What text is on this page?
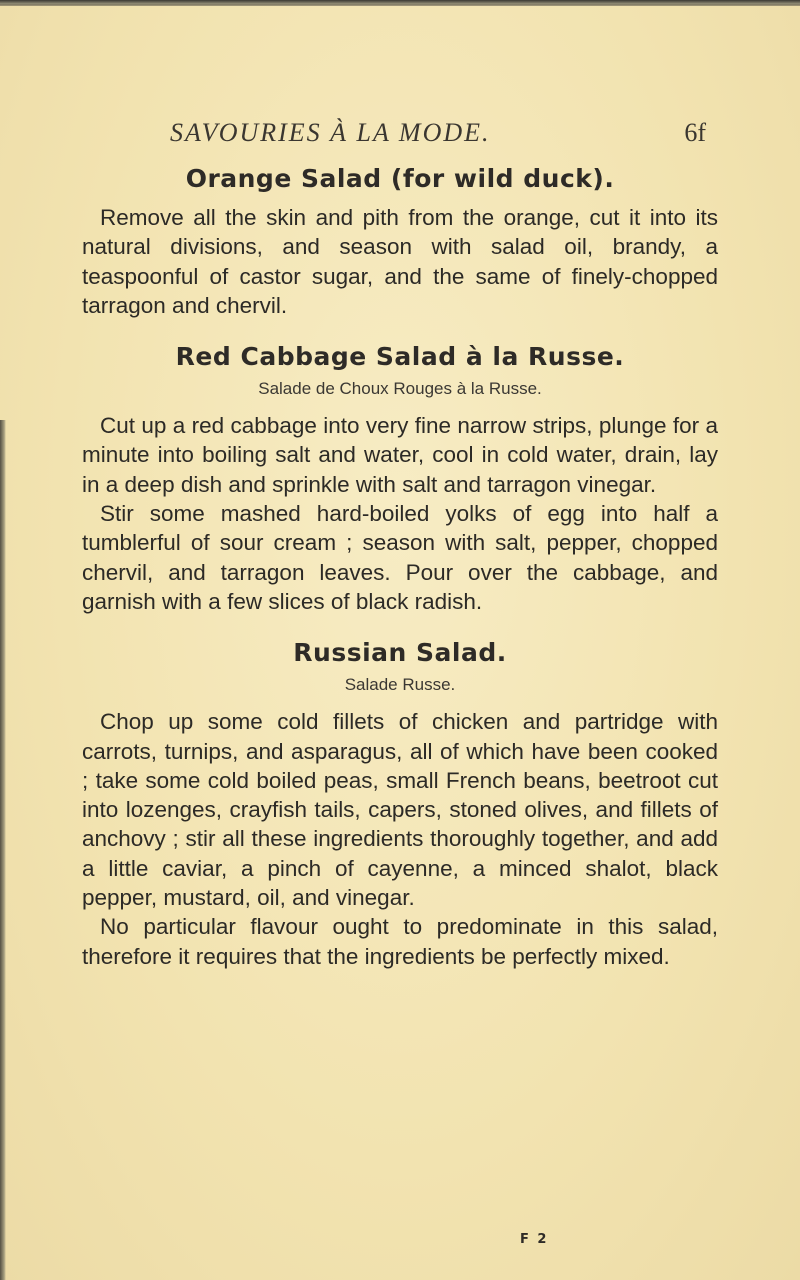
SAVOURIES À LA MODE.	6f
Orange Salad (for wild duck).

Remove all the skin and pith from the orange, cut it into its natural divisions, and season with salad oil, brandy, a teaspoonful of castor sugar, and the same of finely-chopped tarragon and chervil.

Red Cabbage Salad à la Russe.
Salade de Choux Rouges à la Russe.

Cut up a red cabbage into very fine narrow strips, plunge for a minute into boiling salt and water, cool in cold water, drain, lay in a deep dish and sprinkle with salt and tarragon vinegar.

Stir some mashed hard-boiled yolks of egg into half a tumblerful of sour cream ; season with salt, pepper, chopped chervil, and tarragon leaves. Pour over the cabbage, and garnish with a few slices of black radish.

Russian Salad.
Salade Russe.

Chop up some cold fillets of chicken and partridge with carrots, turnips, and asparagus, all of which have been cooked ; take some cold boiled peas, small French beans, beetroot cut into lozenges, crayfish tails, capers, stoned olives, and fillets of anchovy ; stir all these ingredients thoroughly together, and add a little caviar, a pinch of cayenne, a minced shalot, black pepper, mustard, oil, and vinegar.

No particular flavour ought to predominate in this salad, therefore it requires that the ingredients be perfectly mixed.

F 2
